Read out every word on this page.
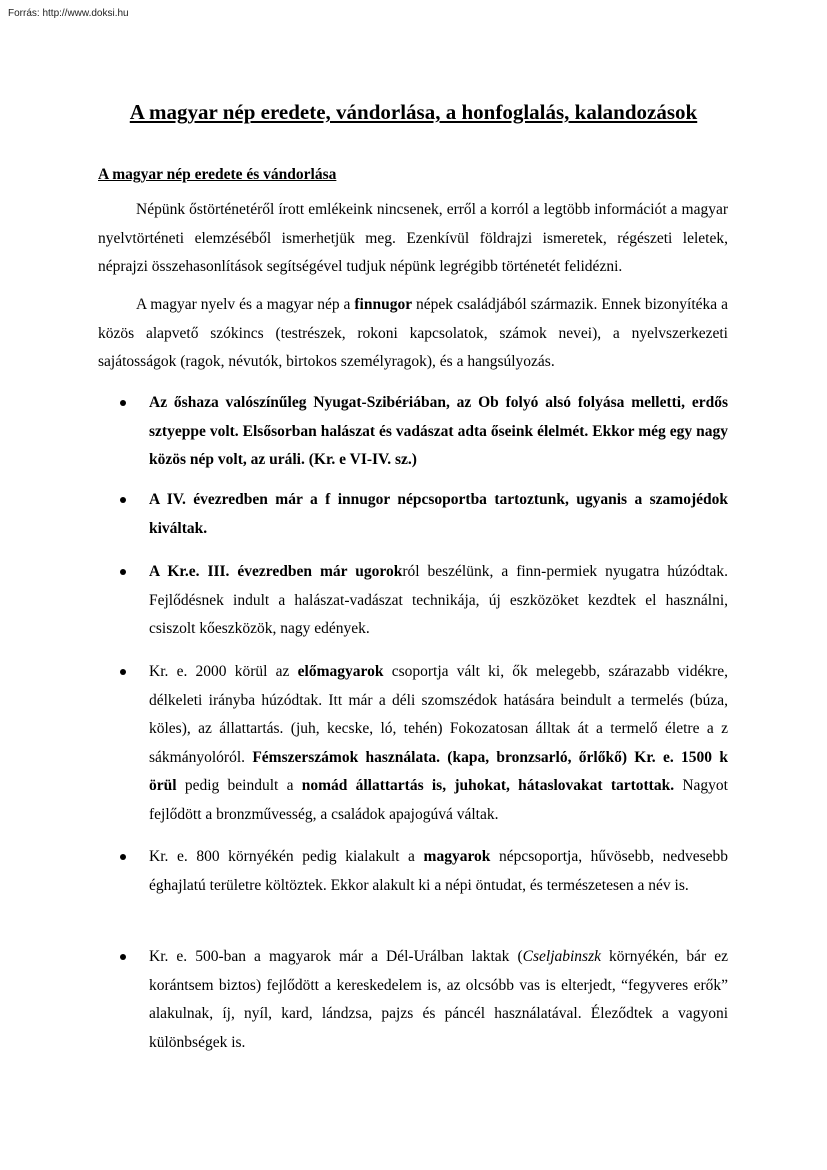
Forrás: http://www.doksi.hu
A magyar nép eredete, vándorlása, a honfoglalás, kalandozások
A magyar nép eredete és vándorlása

Népünk őstörténetéről írott emlékeink nincsenek, erről a korról a legtöbb információt a magyar nyelvtörténeti elemzéséből ismerhetjük meg. Ezenkívül földrajzi ismeretek, régészeti leletek, néprajzi összehasonlítások segítségével tudjuk népünk legrégibb történetét felidézni.

A magyar nyelv és a magyar nép a finnugor népek családjából származik. Ennek bizonyítéka a közös alapvető szókincs (testrészek, rokoni kapcsolatok, számok nevei), a nyelvszerkezeti sajátosságok (ragok, névutók, birtokos személyragok), és a hangsúlyozás.

Az őshaza valószínűleg Nyugat-Szibériában, az Ob folyó alsó folyása melletti, erdős sztyeppe volt. Elsősorban halászat és vadászat adta őseink élelmét. Ekkor még egy nagy közös nép volt, az uráli. (Kr. e VI-IV. sz.)

A IV. évezredben már a f innugor népcsoportba tartoztunk, ugyanis a szamojédok kiváltak.

A Kr.e. III. évezredben már ugorokról beszélünk, a finn-permiek nyugatra húzódtak. Fejlődésnek indult a halászat-vadászat technikája, új eszközöket kezdtek el használni, csiszolt kőeszközök, nagy edények.

Kr. e. 2000 körül az előmagyarok csoportja vált ki, ők melegebb, szárazabb vidékre, délkeleti irányba húzódtak. Itt már a déli szomszédok hatására beindult a termelés (búza, köles), az állattartás. (juh, kecske, ló, tehén) Fokozatosan álltak át a termelő életre a z sákmányolóról. Fémszerszámok használata. (kapa, bronzsarló, őrlőkő) Kr. e. 1500 k örül pedig beindult a nomád állattartás is, juhokat, hátaslovakat tartottak. Nagyot fejlődött a bronzművesség, a családok apajogúvá váltak.

Kr. e. 800 környékén pedig kialakult a magyarok népcsoportja, hűvösebb, nedvesebb éghajlatú területre költöztek. Ekkor alakult ki a népi öntudat, és természetesen a név is.

Kr. e. 500-ban a magyarok már a Dél-Urálban laktak (Cseljabinszk környékén, bár ez korántsem biztos) fejlődött a kereskedelem is, az olcsóbb vas is elterjedt, “fegyveres erők” alakulnak, íj, nyíl, kard, lándzsa, pajzs és páncél használatával. Éleződtek a vagyoni különbségek is.
